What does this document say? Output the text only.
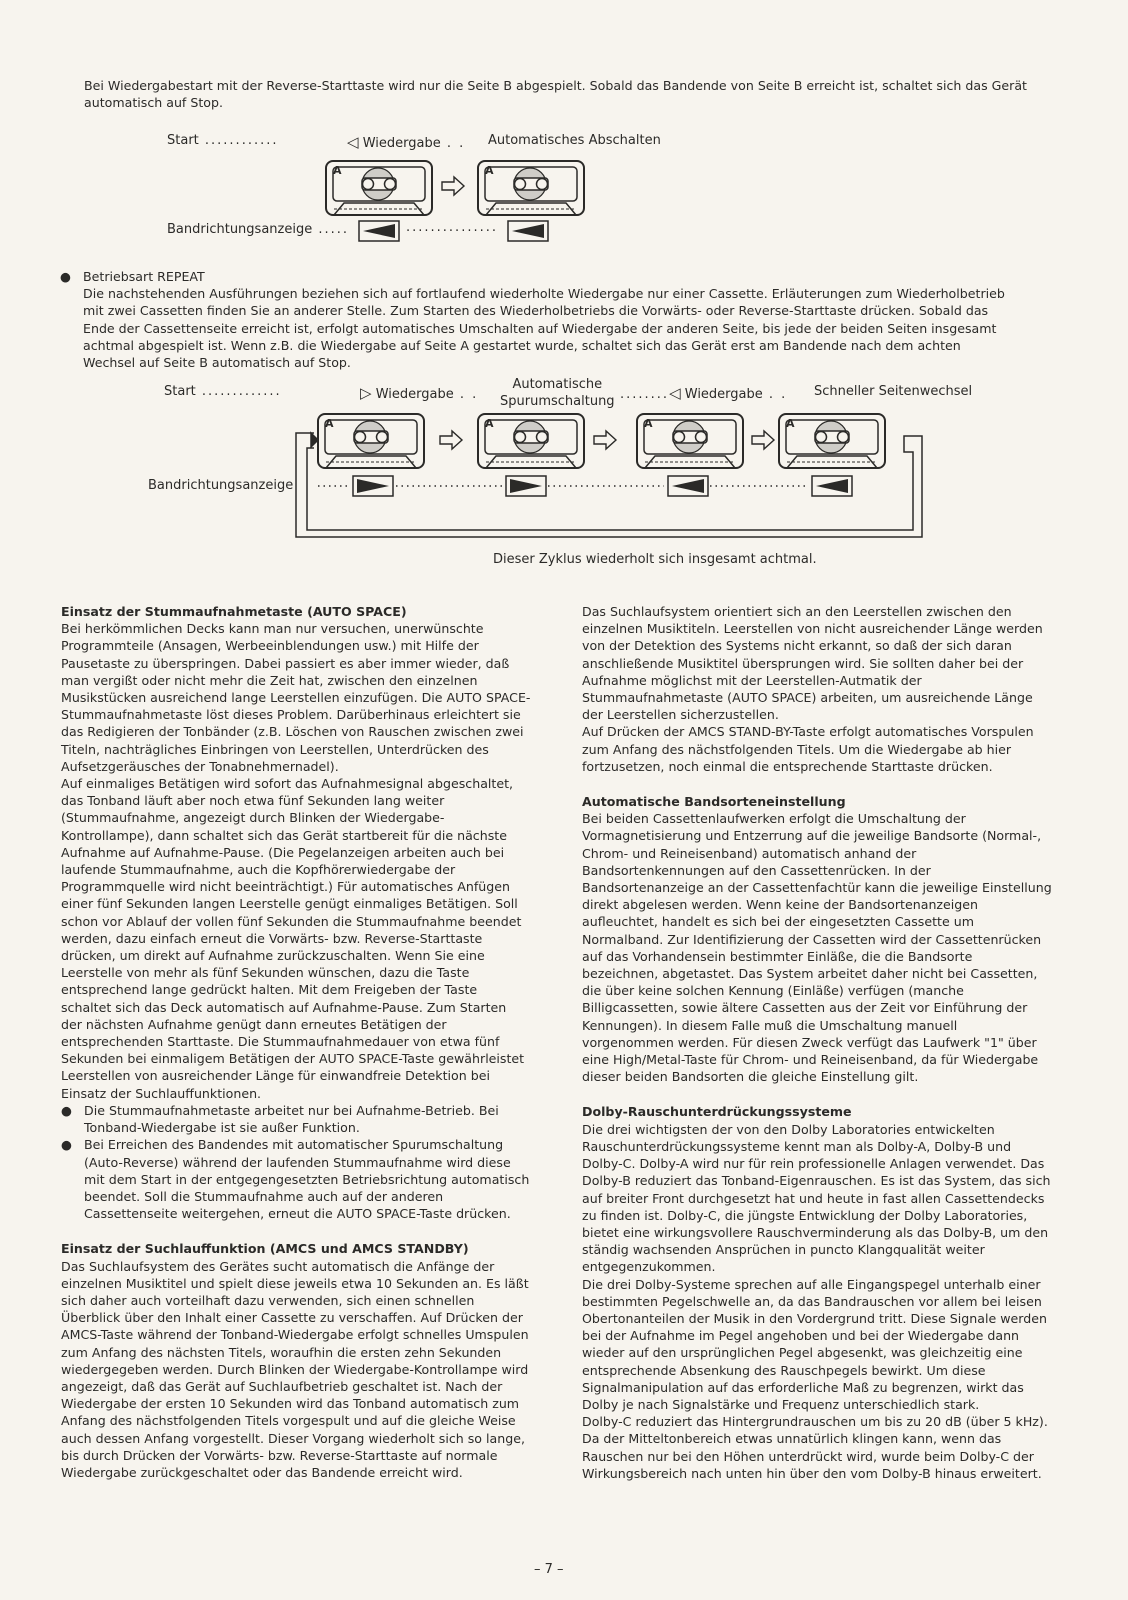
Bei Wiedergabestart mit der Reverse-Starttaste wird nur die Seite B abgespielt. Sobald das Bandende von Seite B erreicht ist, schaltet sich das Gerät automatisch auf Stop.
Start ............	◁ Wiedergabe . . Automatisches Abschalten
Bandrichtungsanzeige .....	...............
A	A
A	A	A	A
● Betriebsart REPEAT
Die nachstehenden Ausführungen beziehen sich auf fortlaufend wiederholte Wiedergabe nur einer Cassette. Erläuterungen zum Wiederholbetrieb mit zwei Cassetten finden Sie an anderer Stelle. Zum Starten des Wiederholbetriebs die Vorwärts- oder Reverse-Starttaste drücken. Sobald das Ende der Cassettenseite erreicht ist, erfolgt automatisches Umschalten auf Wiedergabe der anderen Seite, bis jede der beiden Seiten insgesamt achtmal abgespielt ist. Wenn z.B. die Wiedergabe auf Seite A gestartet wurde, schaltet sich das Gerät erst am Bandende nach dem achten Wechsel auf Seite B automatisch auf Stop.
Start .............	▷ Wiedergabe . .
Automatische
Spurumschaltung ........◁ Wiedergabe . . Schneller Seitenwechsel
Bandrichtungsanzeige
Dieser Zyklus wiederholt sich insgesamt achtmal.
Einsatz der Stummaufnahmetaste (AUTO SPACE)

Bei herkömmlichen Decks kann man nur versuchen, unerwünschte Programmteile (Ansagen, Werbeeinblendungen usw.) mit Hilfe der Pausetaste zu überspringen. Dabei passiert es aber immer wieder, daß man vergißt oder nicht mehr die Zeit hat, zwischen den einzelnen Musikstücken ausreichend lange Leerstellen einzufügen. Die AUTO SPACE-Stummaufnahmetaste löst dieses Problem. Darüberhinaus erleichtert sie das Redigieren der Tonbänder (z.B. Löschen von Rauschen zwischen zwei Titeln, nachträgliches Einbringen von Leerstellen, Unterdrücken des Aufsetzgeräusches der Tonabnehmernadel).

Auf einmaliges Betätigen wird sofort das Aufnahmesignal abgeschaltet, das Tonband läuft aber noch etwa fünf Sekunden lang weiter (Stummaufnahme, angezeigt durch Blinken der Wiedergabe-Kontrollampe), dann schaltet sich das Gerät startbereit für die nächste Aufnahme auf Aufnahme-Pause. (Die Pegelanzeigen arbeiten auch bei laufende Stummaufnahme, auch die Kopfhörerwiedergabe der Programmquelle wird nicht beeinträchtigt.) Für automatisches Anfügen einer fünf Sekunden langen Leerstelle genügt einmaliges Betätigen. Soll schon vor Ablauf der vollen fünf Sekunden die Stummaufnahme beendet werden, dazu einfach erneut die Vorwärts- bzw. Reverse-Starttaste drücken, um direkt auf Aufnahme zurückzuschalten. Wenn Sie eine Leerstelle von mehr als fünf Sekunden wünschen, dazu die Taste entsprechend lange gedrückt halten. Mit dem Freigeben der Taste schaltet sich das Deck automatisch auf Aufnahme-Pause. Zum Starten der nächsten Aufnahme genügt dann erneutes Betätigen der entsprechenden Starttaste. Die Stummaufnahmedauer von etwa fünf Sekunden bei einmaligem Betätigen der AUTO SPACE-Taste gewährleistet Leerstellen von ausreichender Länge für einwandfreie Detektion bei Einsatz der Suchlauffunktionen.

● Die Stummaufnahmetaste arbeitet nur bei Aufnahme-Betrieb. Bei Tonband-Wiedergabe ist sie außer Funktion.
● Bei Erreichen des Bandendes mit automatischer Spurumschaltung (Auto-Reverse) während der laufenden Stummaufnahme wird diese mit dem Start in der entgegengesetzten Betriebsrichtung automatisch beendet. Soll die Stummaufnahme auch auf der anderen Cassettenseite weitergehen, erneut die AUTO SPACE-Taste drücken.
Einsatz der Suchlauffunktion (AMCS und AMCS STANDBY)

Das Suchlaufsystem des Gerätes sucht automatisch die Anfänge der einzelnen Musiktitel und spielt diese jeweils etwa 10 Sekunden an. Es läßt sich daher auch vorteilhaft dazu verwenden, sich einen schnellen Überblick über den Inhalt einer Cassette zu verschaffen. Auf Drücken der AMCS-Taste während der Tonband-Wiedergabe erfolgt schnelles Umspulen zum Anfang des nächsten Titels, woraufhin die ersten zehn Sekunden wiedergegeben werden. Durch Blinken der Wiedergabe-Kontrollampe wird angezeigt, daß das Gerät auf Suchlaufbetrieb geschaltet ist. Nach der Wiedergabe der ersten 10 Sekunden wird das Tonband automatisch zum Anfang des nächstfolgenden Titels vorgespult und auf die gleiche Weise auch dessen Anfang vorgestellt. Dieser Vorgang wiederholt sich so lange, bis durch Drücken der Vorwärts- bzw. Reverse-Starttaste auf normale Wiedergabe zurückgeschaltet oder das Bandende erreicht wird.

Das Suchlaufsystem orientiert sich an den Leerstellen zwischen den einzelnen Musiktiteln. Leerstellen von nicht ausreichender Länge werden von der Detektion des Systems nicht erkannt, so daß der sich daran anschließende Musiktitel übersprungen wird. Sie sollten daher bei der Aufnahme möglichst mit der Leerstellen-Autmatik der Stummaufnahmetaste (AUTO SPACE) arbeiten, um ausreichende Länge der Leerstellen sicherzustellen.

Auf Drücken der AMCS STAND-BY-Taste erfolgt automatisches Vorspulen zum Anfang des nächstfolgenden Titels. Um die Wiedergabe ab hier fortzusetzen, noch einmal die entsprechende Starttaste drücken.

Automatische Bandsorteneinstellung

Bei beiden Cassettenlaufwerken erfolgt die Umschaltung der Vormagnetisierung und Entzerrung auf die jeweilige Bandsorte (Normal-, Chrom- und Reineisenband) automatisch anhand der Bandsortenkennungen auf den Cassettenrücken. In der Bandsortenanzeige an der Cassettenfachtür kann die jeweilige Einstellung direkt abgelesen werden. Wenn keine der Bandsortenanzeigen aufleuchtet, handelt es sich bei der eingesetzten Cassette um Normalband. Zur Identifizierung der Cassetten wird der Cassettenrücken auf das Vorhandensein bestimmter Einläße, die die Bandsorte bezeichnen, abgetastet. Das System arbeitet daher nicht bei Cassetten, die über keine solchen Kennung (Einläße) verfügen (manche Billigcassetten, sowie ältere Cassetten aus der Zeit vor Einführung der Kennungen). In diesem Falle muß die Umschaltung manuell vorgenommen werden. Für diesen Zweck verfügt das Laufwerk "1" über eine High/Metal-Taste für Chrom- und Reineisenband, da für Wiedergabe dieser beiden Bandsorten die gleiche Einstellung gilt.

Dolby-Rauschunterdrückungssysteme

Die drei wichtigsten der von den Dolby Laboratories entwickelten Rauschunterdrückungssysteme kennt man als Dolby-A, Dolby-B und Dolby-C. Dolby-A wird nur für rein professionelle Anlagen verwendet. Das Dolby-B reduziert das Tonband-Eigenrauschen. Es ist das System, das sich auf breiter Front durchgesetzt hat und heute in fast allen Cassettendecks zu finden ist. Dolby-C, die jüngste Entwicklung der Dolby Laboratories, bietet eine wirkungsvollere Rauschverminderung als das Dolby-B, um den ständig wachsenden Ansprüchen in puncto Klangqualität weiter entgegenzukommen.

Die drei Dolby-Systeme sprechen auf alle Eingangspegel unterhalb einer bestimmten Pegelschwelle an, da das Bandrauschen vor allem bei leisen Obertonanteilen der Musik in den Vordergrund tritt. Diese Signale werden bei der Aufnahme im Pegel angehoben und bei der Wiedergabe dann wieder auf den ursprünglichen Pegel abgesenkt, was gleichzeitig eine entsprechende Absenkung des Rauschpegels bewirkt. Um diese Signalmanipulation auf das erforderliche Maß zu begrenzen, wirkt das Dolby je nach Signalstärke und Frequenz unterschiedlich stark.

Dolby-C reduziert das Hintergrundrauschen um bis zu 20 dB (über 5 kHz). Da der Mitteltonbereich etwas unnatürlich klingen kann, wenn das Rauschen nur bei den Höhen unterdrückt wird, wurde beim Dolby-C der Wirkungsbereich nach unten hin über den vom Dolby-B hinaus erweitert.

– 7 –
